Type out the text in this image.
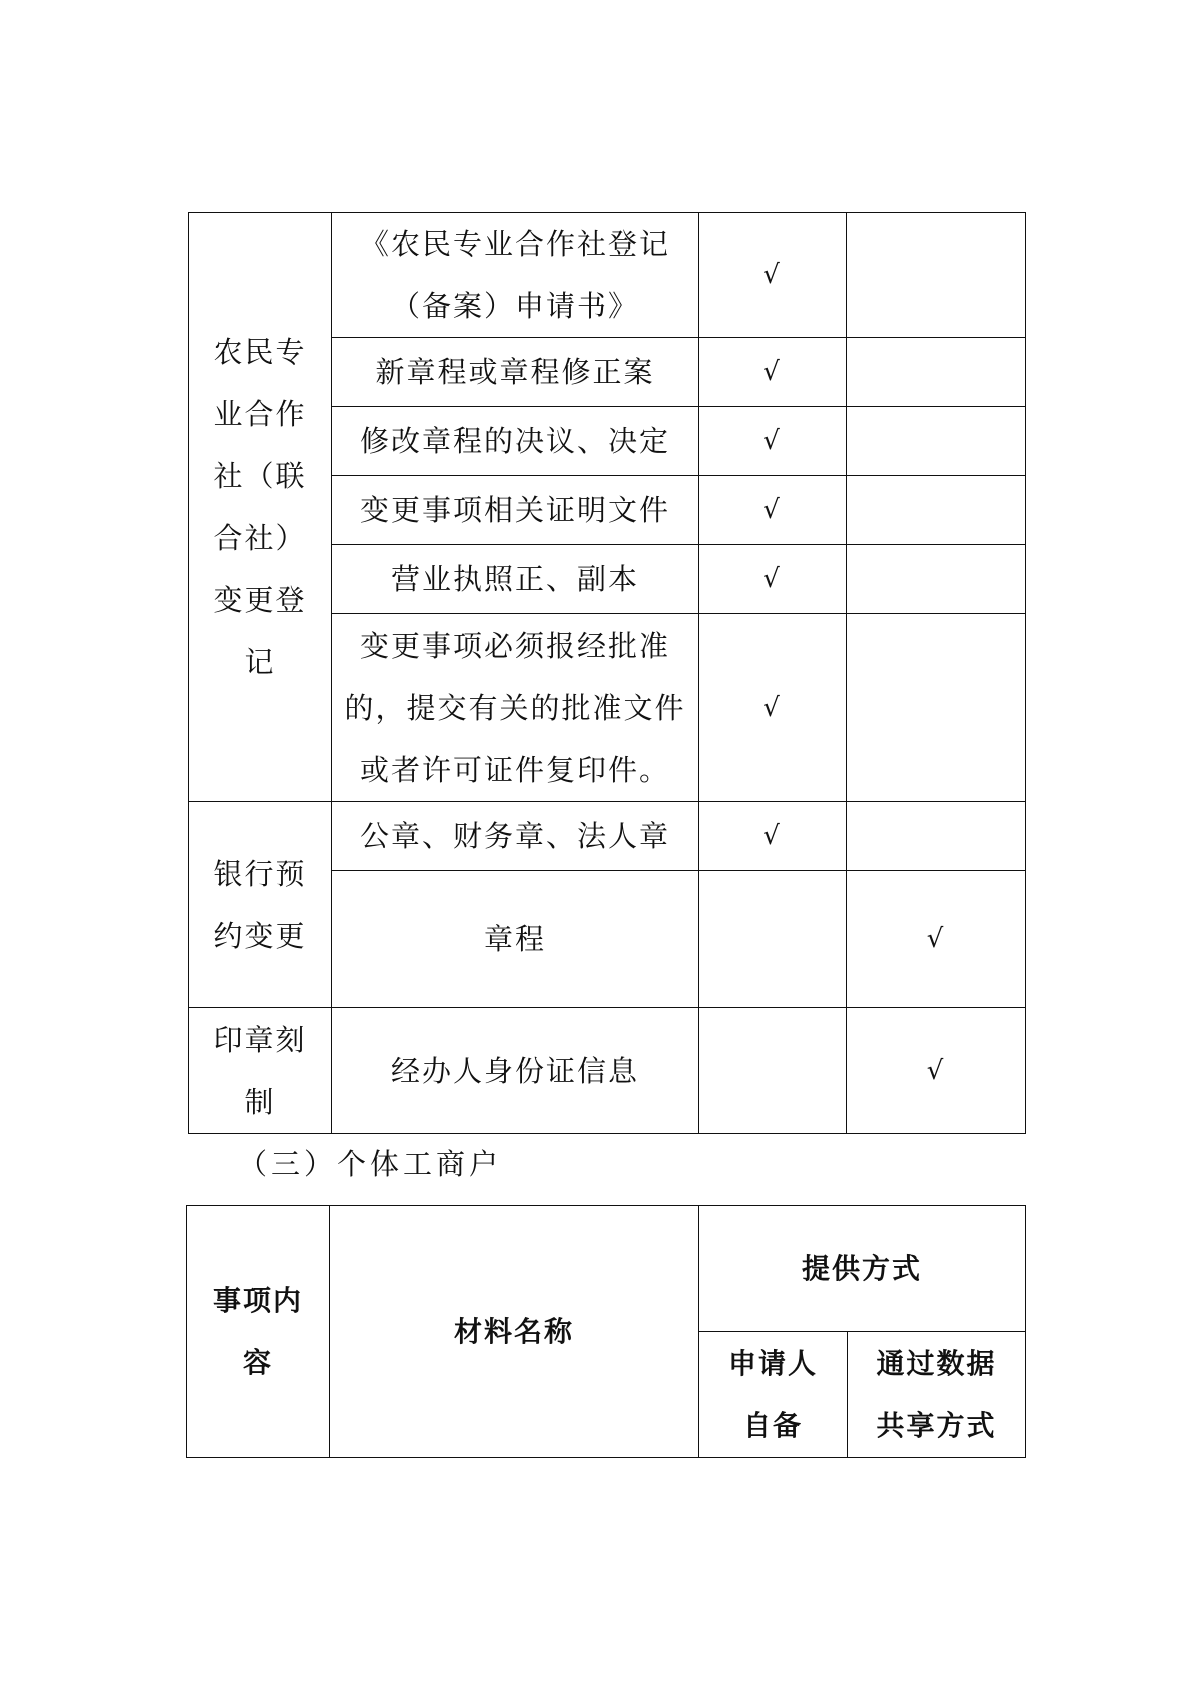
农民专业合作社（联合社）变更登记	《农民专业合作社登记（备案）申请书》	√	
	新章程或章程修正案	√	
	修改章程的决议、决定	√	
	变更事项相关证明文件	√	
	营业执照正、副本	√	
	变更事项必须报经批准的，提交有关的批准文件或者许可证件复印件。	√	
银行预约变更	公章、财务章、法人章	√	
	章程		√
印章刻制	经办人身份证信息		√
（三）个体工商户
事项内容	材料名称	提供方式	
		申请人自备	通过数据共享方式
